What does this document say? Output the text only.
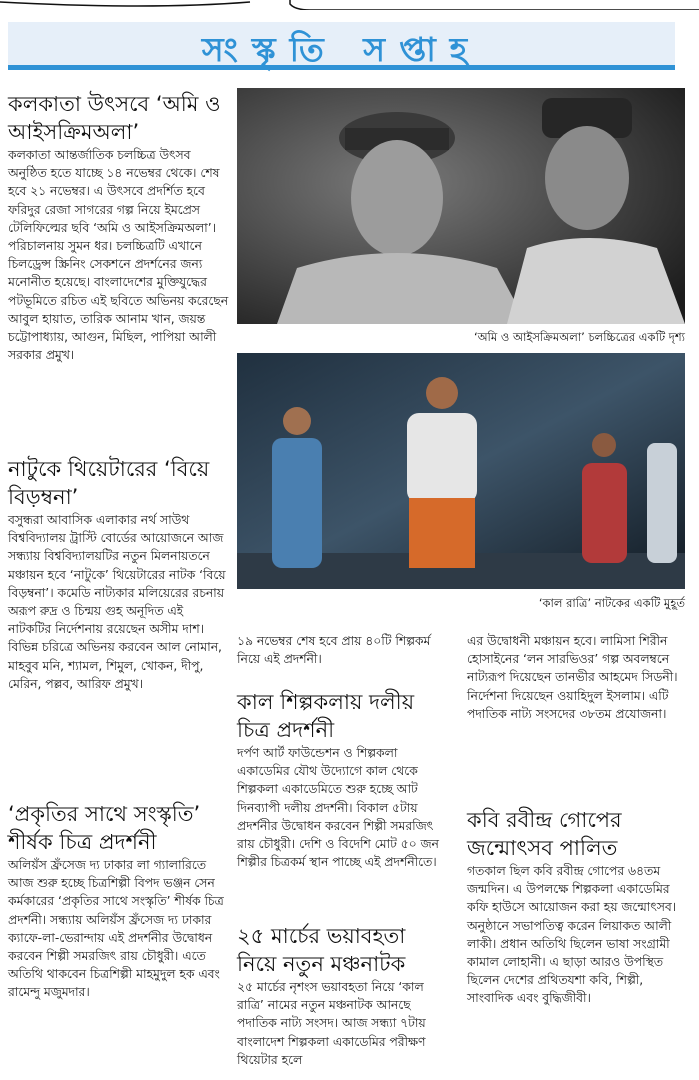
সংস্কৃতি সপ্তাহ
কলকাতা উৎসবে ‘অমি ও আইসক্রিমঅলা’

কলকাতা আন্তর্জাতিক চলচ্চিত্র উৎসব অনুষ্ঠিত হতে যাচ্ছে ১৪ নভেম্বর থেকে। শেষ হবে ২১ নভেম্বর। এ উৎসবে প্রদর্শিত হবে ফরিদুর রেজা সাগরের গল্প নিয়ে ইমপ্রেস টেলিফিল্মের ছবি ‘অমি ও আইসক্রিমঅলা’। পরিচালনায় সুমন ধর। চলচ্চিত্রটি এখানে চিলড্রেন্স স্ক্রিনিং সেকশনে প্রদর্শনের জন্য মনোনীত হয়েছে। বাংলাদেশের মুক্তিযুদ্ধের পটভূমিতে রচিত এই ছবিতে অভিনয় করেছেন আবুল হায়াত, তারিক আনাম খান, জয়ন্ত চট্টোপাধ্যায়, আগুন, মিছিল, পাপিয়া আলী সরকার প্রমুখ।

নাটুকে থিয়েটারের ‘বিয়ে বিড়ম্বনা’

বসুন্ধরা আবাসিক এলাকার নর্থ সাউথ বিশ্ববিদ্যালয় ট্রাস্টি বোর্ডের আয়োজনে আজ সন্ধ্যায় বিশ্ববিদ্যালয়টির নতুন মিলনায়তনে মঞ্চায়ন হবে ‘নাটুকে’ থিয়েটারের নাটক ‘বিয়ে বিড়ম্বনা’। কমেডি নাট্যকার মলিয়েরের রচনায় অরূপ রুদ্র ও চিন্ময় গুহ অনূদিত এই নাটকটির নির্দেশনায় রয়েছেন অসীম দাশ। বিভিন্ন চরিত্রে অভিনয় করবেন আল নোমান, মাহবুব মনি, শ্যামল, শিমুল, খোকন, দীপু, মেরিন, পল্লব, আরিফ প্রমুখ।

‘প্রকৃতির সাথে সংস্কৃতি’ শীর্ষক চিত্র প্রদর্শনী

অলিয়ঁস ফ্রঁসেজ দ্য ঢাকার লা গ্যালারিতে আজ শুরু হচ্ছে চিত্রশিল্পী বিপদ ভঞ্জন সেন কর্মকারের ‘প্রকৃতির সাথে সংস্কৃতি’ শীর্ষক চিত্র প্রদর্শনী। সন্ধ্যায় অলিয়ঁস ফ্রঁসেজ দ্য ঢাকার ক্যাফে-লা-ভেরান্দায় এই প্রদর্শনীর উদ্বোধন করবেন শিল্পী সমরজিৎ রায় চৌধুরী। এতে অতিথি থাকবেন চিত্রশিল্পী মাহমুদুল হক এবং রামেন্দু মজুমদার।

‘অমি ও আইসক্রিমঅলা’ চলচ্চিত্রের একটি দৃশ্য
‘কাল রাত্রি’ নাটকের একটি মুহূর্ত

১৯ নভেম্বর শেষ হবে প্রায় ৪০টি শিল্পকর্ম নিয়ে এই প্রদর্শনী।

কাল শিল্পকলায় দলীয় চিত্র প্রদর্শনী

দর্পণ আর্ট ফাউন্ডেশন ও শিল্পকলা একাডেমির যৌথ উদ্যোগে কাল থেকে শিল্পকলা একাডেমিতে শুরু হচ্ছে আট দিনব্যাপী দলীয় প্রদর্শনী। বিকাল ৫টায় প্রদর্শনীর উদ্বোধন করবেন শিল্পী সমরজিৎ রায় চৌধুরী। দেশি ও বিদেশি মোট ৫০ জন শিল্পীর চিত্রকর্ম স্থান পাচ্ছে এই প্রদর্শনীতে।

২৫ মার্চের ভয়াবহতা নিয়ে নতুন মঞ্চনাটক

২৫ মার্চের নৃশংস ভয়াবহতা নিয়ে ‘কাল রাত্রি’ নামের নতুন মঞ্চনাটক আনছে পদাতিক নাট্য সংসদ। আজ সন্ধ্যা ৭টায় বাংলাদেশ শিল্পকলা একাডেমির পরীক্ষণ থিয়েটার হলে

এর উদ্বোধনী মঞ্চায়ন হবে। লামিসা শিরীন হোসাইনের ‘লন সারভিওর’ গল্প অবলম্বনে নাট্যরূপ দিয়েছেন তানভীর আহমেদ সিডনী। নির্দেশনা দিয়েছেন ওয়াহিদুল ইসলাম। এটি পদাতিক নাট্য সংসদের ৩৮তম প্রযোজনা।

কবি রবীন্দ্র গোপের জন্মোৎসব পালিত

গতকাল ছিল কবি রবীন্দ্র গোপের ৬৪তম জন্মদিন। এ উপলক্ষে শিল্পকলা একাডেমির কফি হাউসে আয়োজন করা হয় জন্মোৎসব। অনুষ্ঠানে সভাপতিত্ব করেন লিয়াকত আলী লাকী। প্রধান অতিথি ছিলেন ভাষা সংগ্রামী কামাল লোহানী। এ ছাড়া আরও উপস্থিত ছিলেন দেশের প্রথিতযশা কবি, শিল্পী, সাংবাদিক এবং বুদ্ধিজীবী।
